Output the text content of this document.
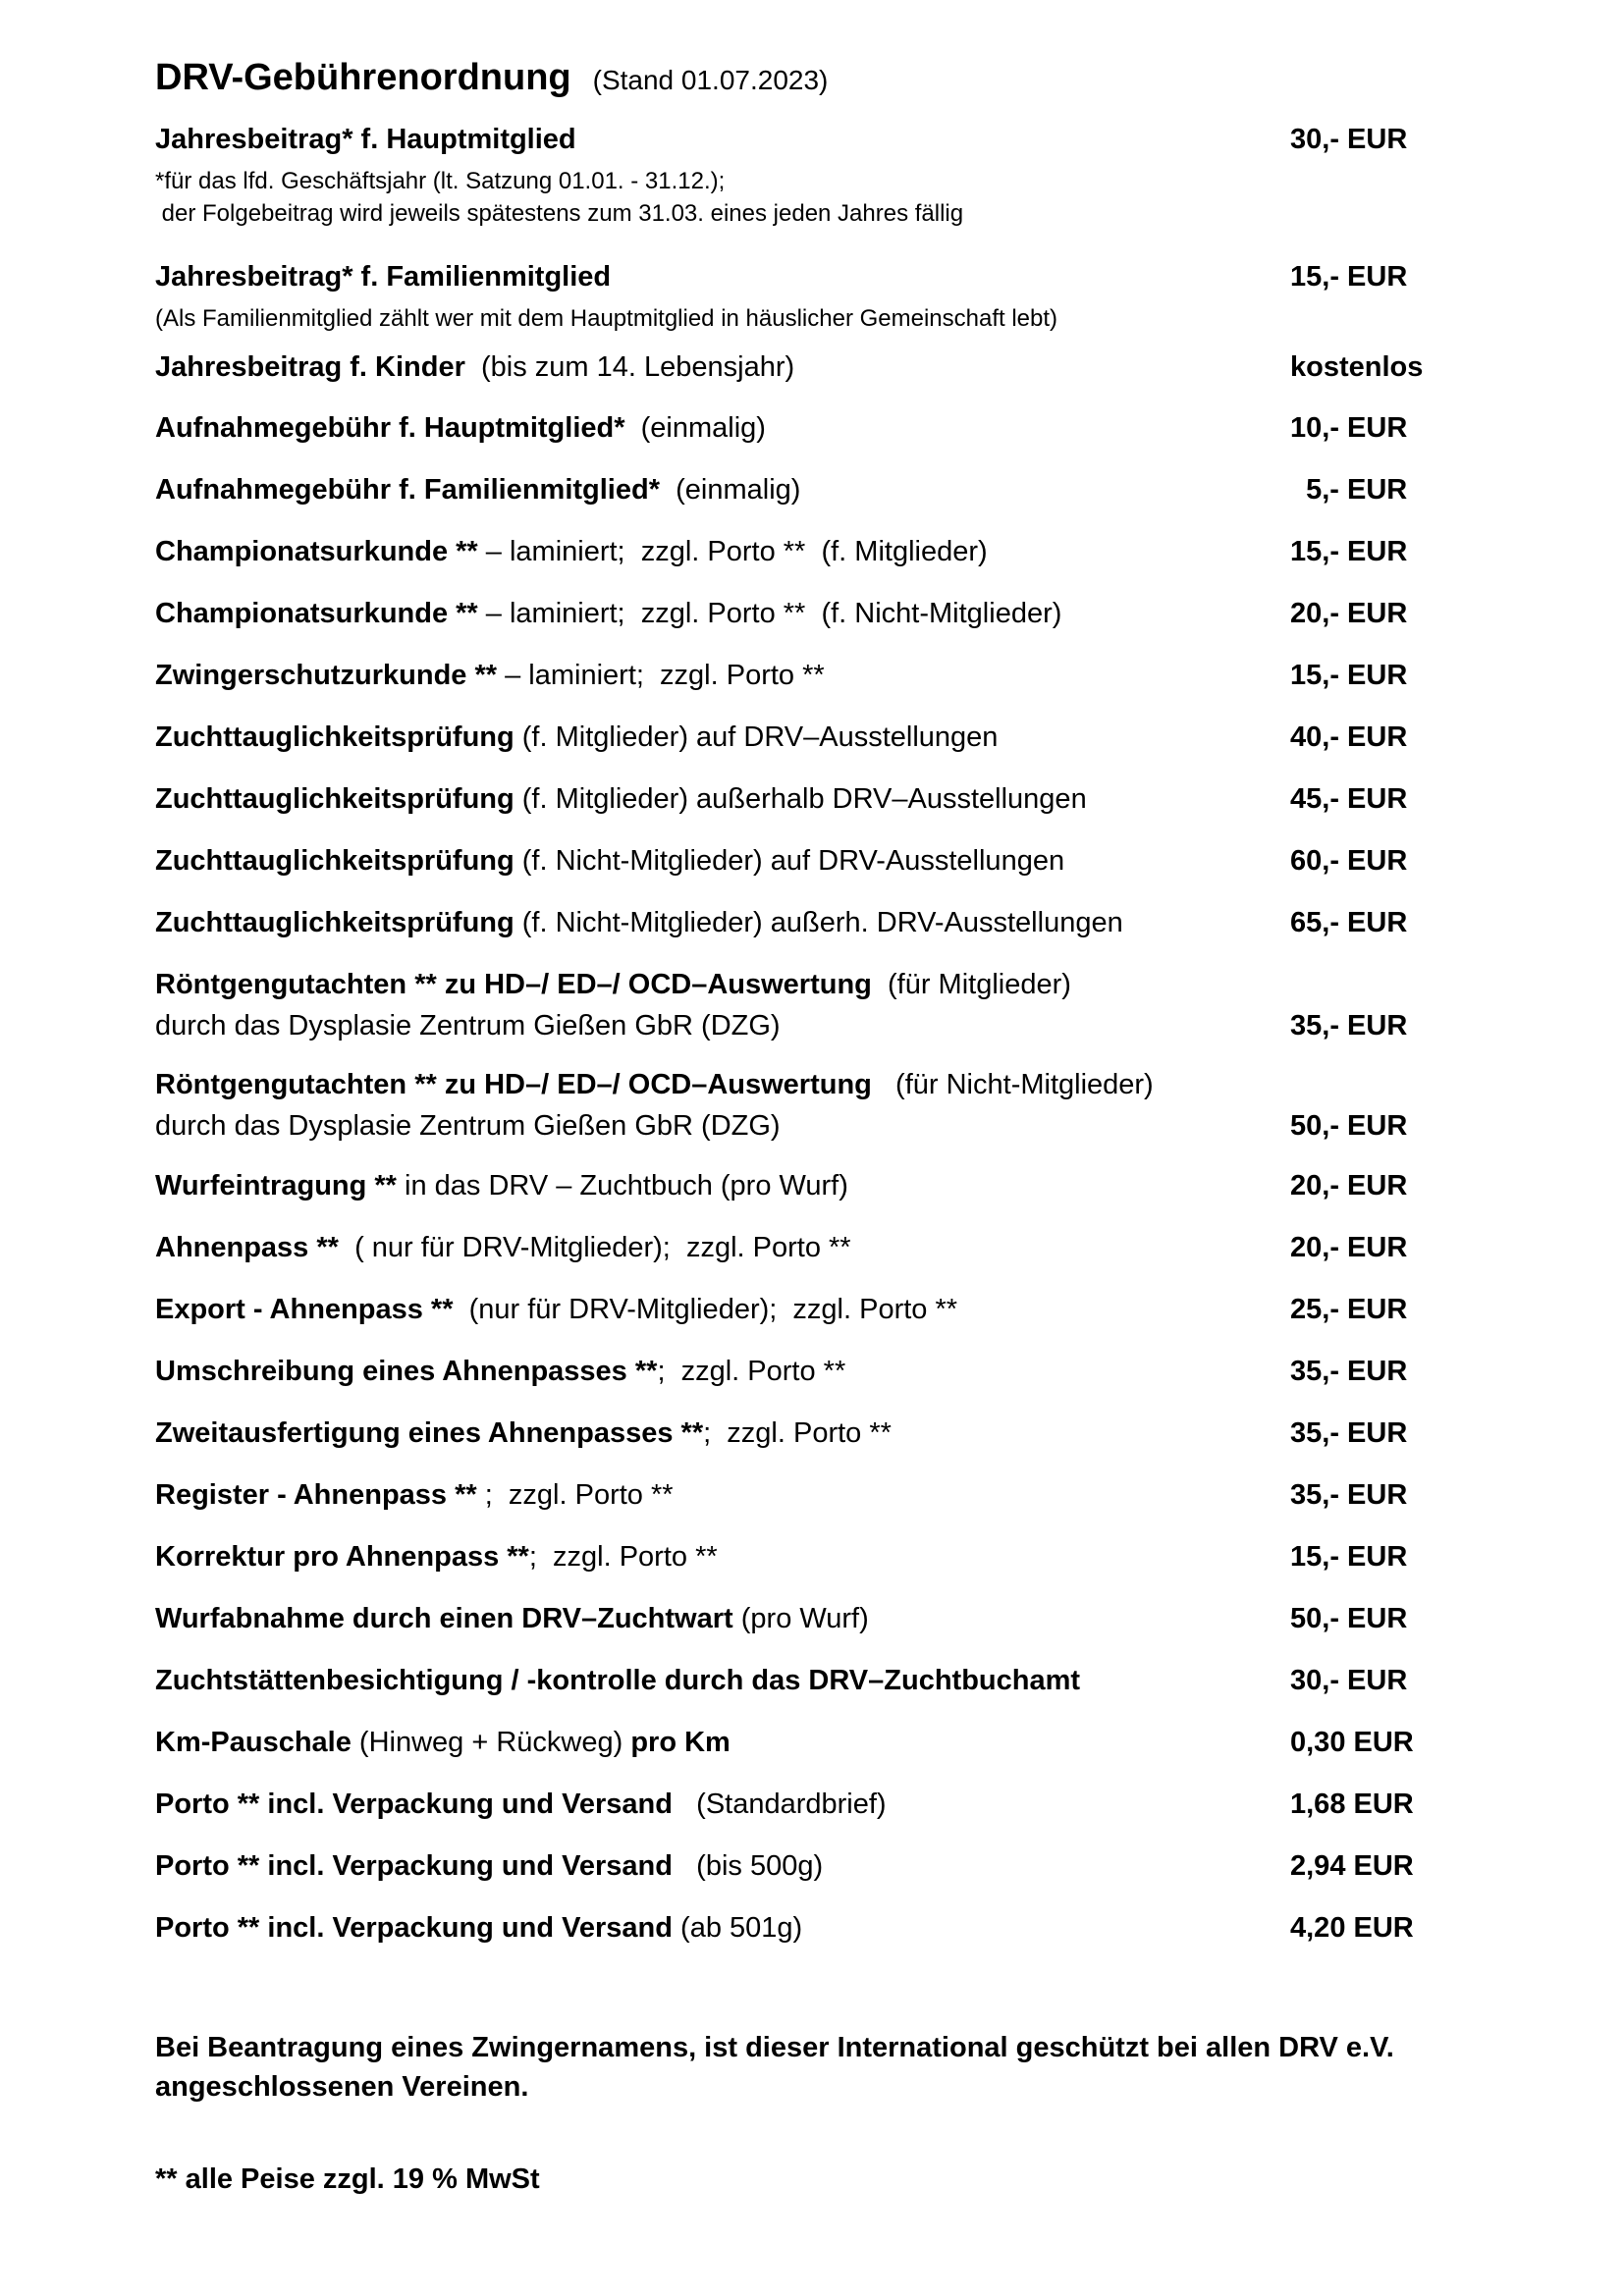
DRV-Gebührenordnung (Stand 01.07.2023)
Jahresbeitrag* f. Hauptmitglied	30,- EUR
*für das lfd. Geschäftsjahr (lt. Satzung 01.01. - 31.12.);
der Folgebeitrag wird jeweils spätestens zum 31.03. eines jeden Jahres fällig
Jahresbeitrag* f. Familienmitglied	15,- EUR
(Als Familienmitglied zählt wer mit dem Hauptmitglied in häuslicher Gemeinschaft lebt)
Jahresbeitrag f. Kinder  (bis zum 14. Lebensjahr)	kostenlos
Aufnahmegebühr f. Hauptmitglied*  (einmalig)	10,- EUR
Aufnahmegebühr f. Familienmitglied*  (einmalig)	5,- EUR
Championatsurkunde ** – laminiert;  zzgl. Porto **  (f. Mitglieder)	15,- EUR
Championatsurkunde ** – laminiert;  zzgl. Porto **  (f. Nicht-Mitglieder)	20,- EUR
Zwingerschutzurkunde ** – laminiert;  zzgl. Porto **	15,- EUR
Zuchttauglichkeitsprüfung (f. Mitglieder) auf DRV–Ausstellungen	40,- EUR
Zuchttauglichkeitsprüfung (f. Mitglieder) außerhalb DRV–Ausstellungen	45,- EUR
Zuchttauglichkeitsprüfung (f. Nicht-Mitglieder) auf DRV-Ausstellungen	60,- EUR
Zuchttauglichkeitsprüfung (f. Nicht-Mitglieder) außerh. DRV-Ausstellungen	65,- EUR
Röntgengutachten ** zu HD–/ ED–/ OCD–Auswertung  (für Mitglieder)
durch das Dysplasie Zentrum Gießen GbR (DZG)	35,- EUR
Röntgengutachten ** zu HD–/ ED–/ OCD–Auswertung   (für Nicht-Mitglieder)
durch das Dysplasie Zentrum Gießen GbR (DZG)	50,- EUR
Wurfeintragung ** in das DRV – Zuchtbuch (pro Wurf)	20,- EUR
Ahnenpass **  ( nur für DRV-Mitglieder);  zzgl. Porto **	20,- EUR
Export - Ahnenpass **  (nur für DRV-Mitglieder);  zzgl. Porto **	25,- EUR
Umschreibung eines Ahnenpasses **;  zzgl. Porto **	35,- EUR
Zweitausfertigung eines Ahnenpasses **;  zzgl. Porto **	35,- EUR
Register - Ahnenpass ** ;  zzgl. Porto **	35,- EUR
Korrektur pro Ahnenpass **;  zzgl. Porto **	15,- EUR
Wurfabnahme durch einen DRV–Zuchtwart (pro Wurf)	50,- EUR
Zuchtstättenbesichtigung / -kontrolle durch das DRV–Zuchtbuchamt	30,- EUR
Km-Pauschale (Hinweg + Rückweg) pro Km	0,30 EUR
Porto ** incl. Verpackung und Versand   (Standardbrief)	1,68 EUR
Porto ** incl. Verpackung und Versand   (bis 500g)	2,94 EUR
Porto ** incl. Verpackung und Versand (ab 501g)	4,20 EUR
Bei Beantragung eines Zwingernamens, ist dieser International geschützt bei allen DRV e.V. angeschlossenen Vereinen.
** alle Peise zzgl. 19 % MwSt
